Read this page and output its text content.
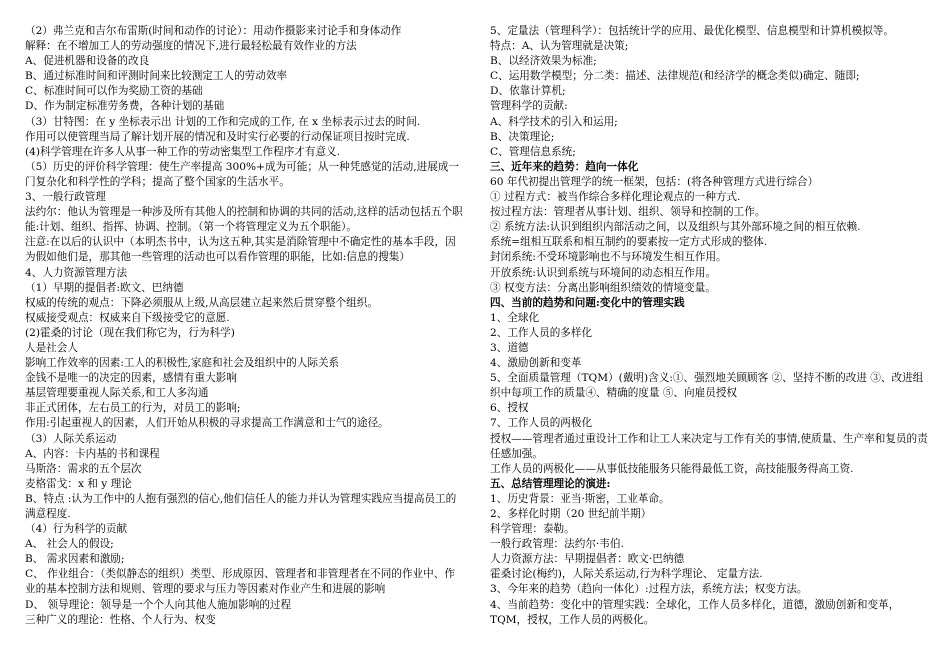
（2）弗兰克和吉尔布雷斯(时间和动作的讨论）：用动作摄影来讨论手和身体动作
解释：在不增加工人的劳动强度的情况下,进行最轻松最有效作业的方法
A、促进机器和设备的改良
B、通过标准时间和评测时间来比较测定工人的劳动效率
C、标准时间可以作为奖励工资的基础
D、作为制定标准劳务费，各种计划的基础
（3）甘特图：在 y 坐标表示出 计划的工作和完成的工作, 在 x 坐标表示过去的时间.
作用可以使管理当局了解计划开展的情况和及时实行必要的行动保证项目按时完成.
(4)科学管理在许多人从事一种工作的劳动密集型工作程序才有意义.
（5）历史的评价科学管理：使生产率提高 300%+成为可能；从一种凭感觉的活动,进展成一门复杂化和科学性的学科；提高了整个国家的生活水平。
3、一般行政管理
法约尔：他认为管理是一种涉及所有其他人的控制和协调的共同的活动,这样的活动包括五个职能:计划、组织、指挥、协调、控制。（第一个将管理定义为五个职能）。
注意:在以后的认识中（本明杰书中，认为这五种,其实是消除管理中不确定性的基本手段，因为假如他们是，那其他一些管理的活动也可以看作管理的职能，比如:信息的搜集）
4、人力资源管理方法
（1）早期的提倡者:欧文、巴纳德
权威的传统的观点：下降必须服从上级,从高层建立起来然后贯穿整个组织。
权威接受观点：权威来自下级接受它的意愿.
(2)霍桑的讨论（现在我们称它为，行为科学)
人是社会人
影响工作效率的因素:工人的积极性,家庭和社会及组织中的人际关系
金钱不是唯一的决定的因素，感情有重大影响
基层管理要重视人际关系,和工人多沟通
非正式团体，左右员工的行为，对员工的影响;
作用:引起重视人的因素，人们开始从积极的寻求提高工作满意和士气的途径。
（3）人际关系运动
A、内容：卡内基的书和课程
马斯洛：需求的五个层次
麦格雷戈：x 和 y 理论
B、特点 :认为工作中的人抱有强烈的信心,他们信任人的能力并认为管理实践应当提高员工的满意程度.
（4）行为科学的贡献
A、 社会人的假设;
B、 需求因素和激励;
C、 作业组合：（类似静态的组织）类型、形成原因、管理者和非管理者在不同的作业中、作业的基本控制方法和规则、管理的要求与压力等因素对作业产生和进展的影响
D、 领导理论：领导是一个个人向其他人施加影响的过程
三种广义的理论：性格、个人行为、权变
5、定量法（管理科学）：包括统计学的应用、最优化模型、信息模型和计算机模拟等。
特点：A、认为管理就是决策;
B、以经济效果为标准;
C、运用数学模型；分二类：描述、法律规范(和经济学的概念类似)确定、随即;
D、依靠计算机;
管理科学的贡献:
A、科学技术的引入和运用;
B、决策理论;
C、管理信息系统;
三、近年来的趋势：趋向一体化
60 年代初提出管理学的统一框架，包括：(将各种管理方式进行综合）
① 过程方式：被当作综合多样化理论观点的一种方式.
按过程方法：管理者从事计划、组织、领导和控制的工作。
② 系统方法:认识到组织内部活动之间，以及组织与其外部环境之间的相互依赖.
系统=组相互联系和相互制约的要素按一定方式形成的整体.
封闭系统:不受环境影响也不与环境发生相互作用。
开放系统:认识到系统与环境间的动态相互作用。
③ 权变方法：分离出影响组织绩效的情境变量。
四、当前的趋势和问题:变化中的管理实践
1、全球化
2、工作人员的多样化
3、道德
4、激励创新和变革
5、全面质量管理（TQM）(戴明)含义:①、强烈地关顾顾客 ②、坚持不断的改进 ③、改进组织中每项工作的质量④、精确的度量 ⑤、向雇员授权
6、授权
7、工作人员的两极化
授权——管理者通过重设计工作和让工人来决定与工作有关的事情,使质量、生产率和复员的责任感加强。
工作人员的两极化——从事低技能服务只能得最低工资，高技能服务得高工资.
五、总结管理理论的演进:
1、历史背景：亚当·斯密，工业革命。
2、多样化时期（20 世纪前半期）
科学管理：泰勒。
一般行政管理：法约尔·韦伯.
人力资源方法：早期提倡者：欧文·巴纳德
霍桑讨论(梅约)，人际关系运动,行为科学理论、 定量方法.
3、今年来的趋势（趋向一体化）:过程方法，系统方法；权变方法。
4、当前趋势：变化中的管理实践：全球化，工作人员多样化，道德，激励创新和变革，TQM，授权，工作人员的两极化。
